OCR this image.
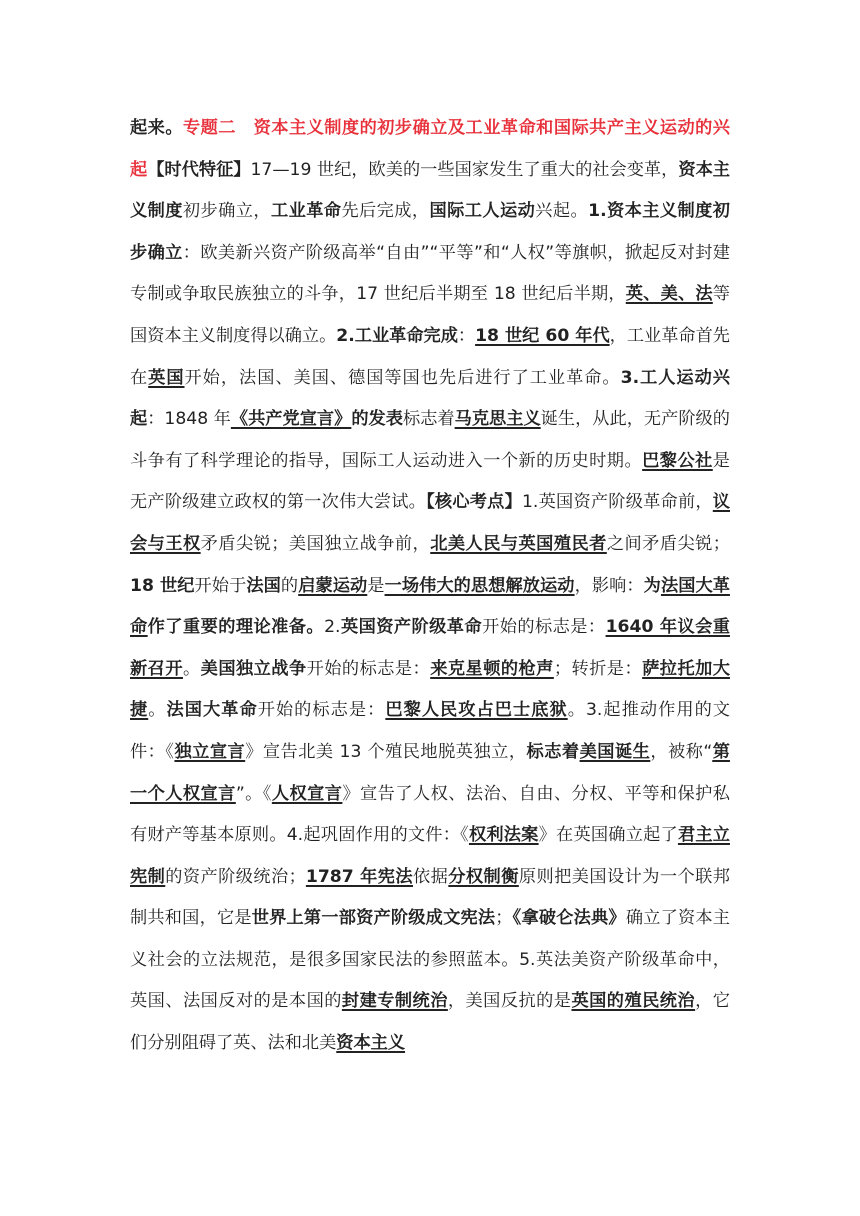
起来。专题二　资本主义制度的初步确立及工业革命和国际共产主义运动的兴起【时代特征】17—19 世纪，欧美的一些国家发生了重大的社会变革，资本主义制度初步确立，工业革命先后完成，国际工人运动兴起。1.资本主义制度初步确立：欧美新兴资产阶级高举“自由”“平等”和“人权”等旗帜，掀起反对封建专制或争取民族独立的斗争，17 世纪后半期至 18 世纪后半期，英、美、法等国资本主义制度得以确立。2.工业革命完成：18 世纪 60 年代，工业革命首先在英国开始，法国、美国、德国等国也先后进行了工业革命。3.工人运动兴起：1848 年《共产党宣言》的发表标志着马克思主义诞生，从此，无产阶级的斗争有了科学理论的指导，国际工人运动进入一个新的历史时期。巴黎公社是无产阶级建立政权的第一次伟大尝试。【核心考点】1.英国资产阶级革命前，议会与王权矛盾尖锐；美国独立战争前，北美人民与英国殖民者之间矛盾尖锐；18 世纪开始于法国的启蒙运动是一场伟大的思想解放运动，影响：为法国大革命作了重要的理论准备。2.英国资产阶级革命开始的标志是：1640 年议会重新召开。美国独立战争开始的标志是：来克星顿的枪声；转折是：萨拉托加大捷。法国大革命开始的标志是：巴黎人民攻占巴士底狱。3.起推动作用的文件：《独立宣言》宣告北美 13 个殖民地脱英独立，标志着美国诞生，被称“第一个人权宣言”。《人权宣言》宣告了人权、法治、自由、分权、平等和保护私有财产等基本原则。4.起巩固作用的文件：《权利法案》在英国确立起了君主立宪制的资产阶级统治；1787 年宪法依据分权制衡原则把美国设计为一个联邦制共和国，它是世界上第一部资产阶级成文宪法；《拿破仑法典》确立了资本主义社会的立法规范，是很多国家民法的参照蓝本。5.英法美资产阶级革命中，英国、法国反对的是本国的封建专制统治，美国反抗的是英国的殖民统治，它们分别阻碍了英、法和北美资本主义
